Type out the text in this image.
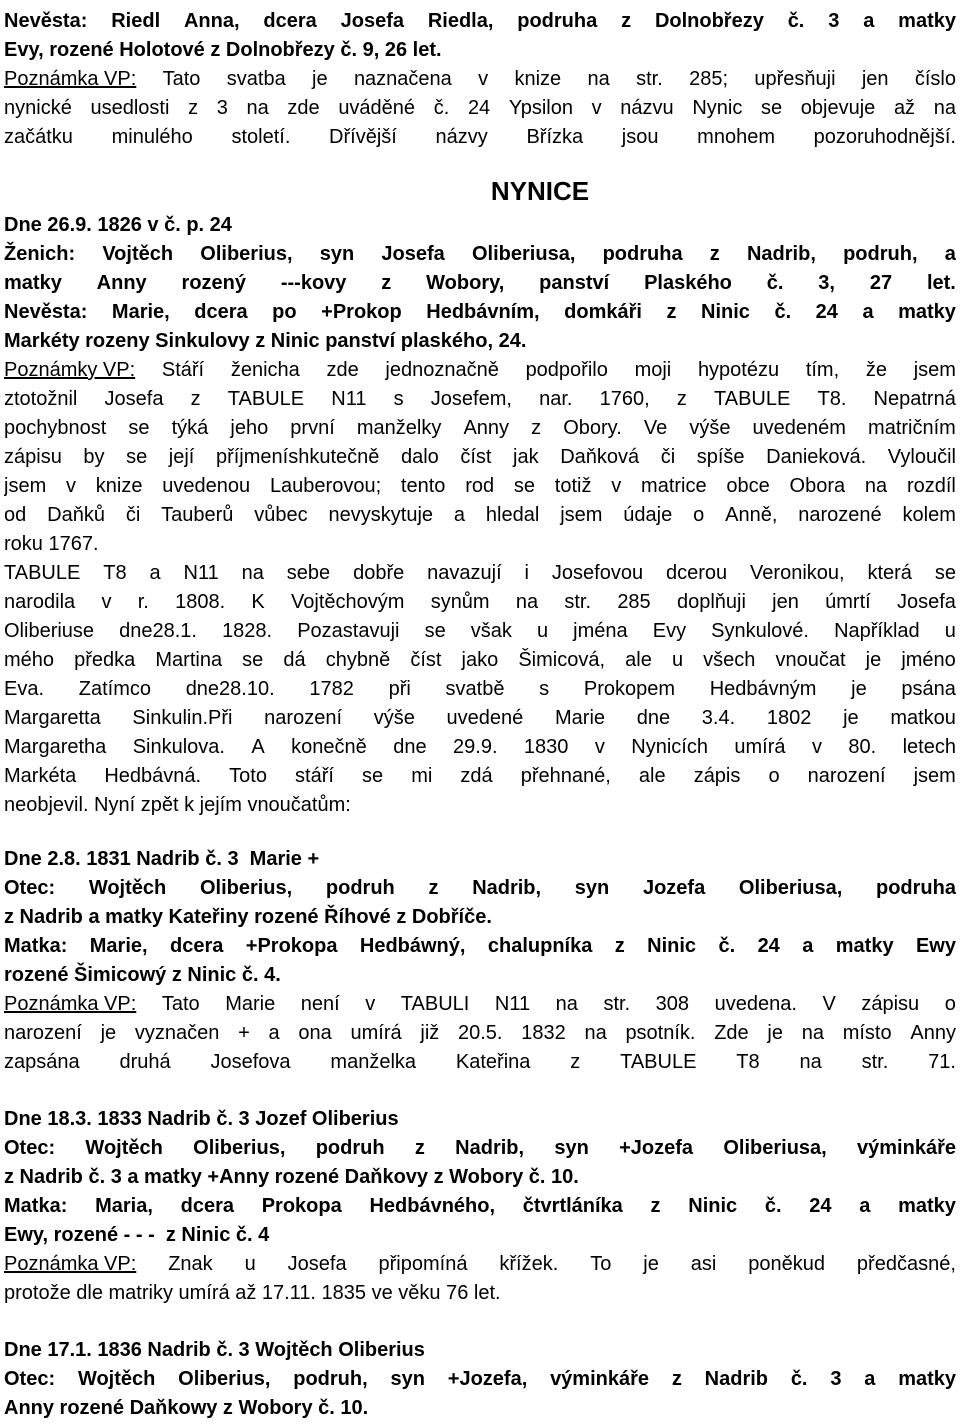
Nevěsta: Riedl Anna, dcera Josefa Riedla, podruha z Dolnobřezy č. 3 a matky
Evy, rozené Holotové z Dolnobřezy č. 9, 26 let.
Poznámka VP: Tato svatba je naznačena v knize na str. 285; upřesňuji jen číslo
nynické usedlosti z 3 na zde uváděné č. 24 Ypsilon v názvu Nynic se objevuje až na
začátku minulého století. Dřívější názvy Břízka jsou mnohem pozoruhodnější.
NYNICE
Dne 26.9. 1826 v č. p. 24
Ženich: Vojtěch Oliberius, syn Josefa Oliberiusa, podruha z Nadrib, podruh, a
matky Anny rozený ---kovy z Wobory, panství Plaského č. 3, 27 let.
Nevěsta: Marie, dcera po +Prokop Hedbávním, domkáři z Ninic č. 24 a matky
Markéty rozeny Sinkulovy z Ninic panství plaského, 24.
Poznámky VP: Stáří ženicha zde jednoznačně podpořilo moji hypotézu tím, že jsem
ztotožnil Josefa z TABULE N11 s Josefem, nar. 1760, z TABULE T8. Nepatrná
pochybnost se týká jeho první manželky Anny z Obory. Ve výše uvedeném matričním
zápisu by se její příjmeníshkutečně dalo číst jak Daňková či spíše Danieková. Vyloučil
jsem v knize uvedenou Lauberovou; tento rod se totiž v matrice obce Obora na rozdíl
od Daňků či Tauberů vůbec nevyskytuje a hledal jsem údaje o Anně, narozené kolem
roku 1767.
TABULE T8 a N11 na sebe dobře navazují i Josefovou dcerou Veronikou, která se
narodila v r. 1808. K Vojtěchovým synům na str. 285 doplňuji jen úmrtí Josefa
Oliberiuse dne28.1. 1828. Pozastavuji se však u jména Evy Synkulové. Například u
mého předka Martina se dá chybně číst jako Šimicová, ale u všech vnoučat je jméno
Eva. Zatímco dne28.10. 1782 při svatbě s Prokopem Hedbávným je psána
Margaretta Sinkulin.Při narození výše uvedené Marie dne 3.4. 1802 je matkou
Margaretha Sinkulova. A konečně dne 29.9. 1830 v Nynicích umírá v 80. letech
Markéta Hedbávná. Toto stáří se mi zdá přehnané, ale zápis o narození jsem
neobjevil. Nyní zpět k jejím vnoučatům:
Dne 2.8. 1831 Nadrib č. 3  Marie +
Otec: Wojtěch Oliberius, podruh z Nadrib, syn Jozefa Oliberiusa, podruha
z Nadrib a matky Kateřiny rozené Říhové z Dobříče.
Matka: Marie, dcera +Prokopa Hedbáwný, chalupníka z Ninic č. 24 a matky Ewy
rozené Šimicowý z Ninic č. 4.
Poznámka VP: Tato Marie není v TABULI N11 na str. 308 uvedena. V zápisu o
narození je vyznačen + a ona umírá již 20.5. 1832 na psotník. Zde je na místo Anny
zapsána druhá Josefova manželka Kateřina z TABULE T8 na str. 71.
Dne 18.3. 1833 Nadrib č. 3 Jozef Oliberius
Otec: Wojtěch Oliberius, podruh z Nadrib, syn +Jozefa Oliberiusa, výminkáře
z Nadrib č. 3 a matky +Anny rozené Daňkovy z Wobory č. 10.
Matka: Maria, dcera Prokopa Hedbávného, čtvrtláníka z Ninic č. 24 a matky
Ewy, rozené - - -  z Ninic č. 4
Poznámka VP: Znak u Josefa připomíná křížek. To je asi poněkud předčasné,
protože dle matriky umírá až 17.11. 1835 ve věku 76 let.
Dne 17.1. 1836 Nadrib č. 3 Wojtěch Oliberius
Otec: Wojtěch Oliberius, podruh, syn +Jozefa, výminkáře z Nadrib č. 3 a matky
Anny rozené Daňkowy z Wobory č. 10.
